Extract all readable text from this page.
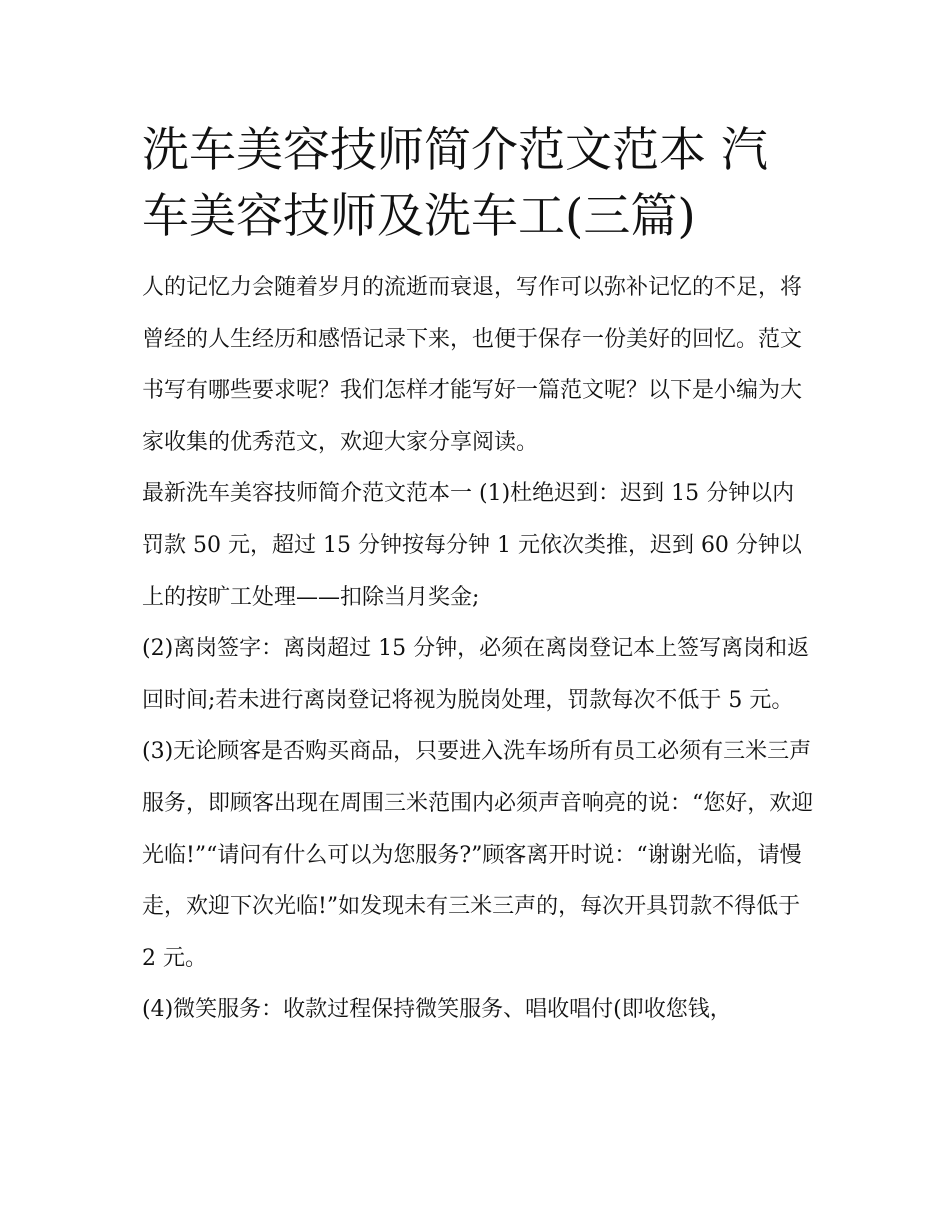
洗车美容技师简介范文范本 汽车美容技师及洗车工(三篇)

人的记忆力会随着岁月的流逝而衰退，写作可以弥补记忆的不足，将曾经的人生经历和感悟记录下来，也便于保存一份美好的回忆。范文书写有哪些要求呢？我们怎样才能写好一篇范文呢？以下是小编为大家收集的优秀范文，欢迎大家分享阅读。

最新洗车美容技师简介范文范本一 (1)杜绝迟到：迟到 15 分钟以内罚款 50 元，超过 15 分钟按每分钟 1 元依次类推，迟到 60 分钟以上的按旷工处理——扣除当月奖金;

(2)离岗签字：离岗超过 15 分钟，必须在离岗登记本上签写离岗和返回时间;若未进行离岗登记将视为脱岗处理，罚款每次不低于 5 元。

(3)无论顾客是否购买商品，只要进入洗车场所有员工必须有三米三声服务，即顾客出现在周围三米范围内必须声音响亮的说：“您好，欢迎光临!”“请问有什么可以为您服务?”顾客离开时说：“谢谢光临，请慢走，欢迎下次光临!”如发现未有三米三声的，每次开具罚款不得低于 2 元。

(4)微笑服务：收款过程保持微笑服务、唱收唱付(即收您钱，
